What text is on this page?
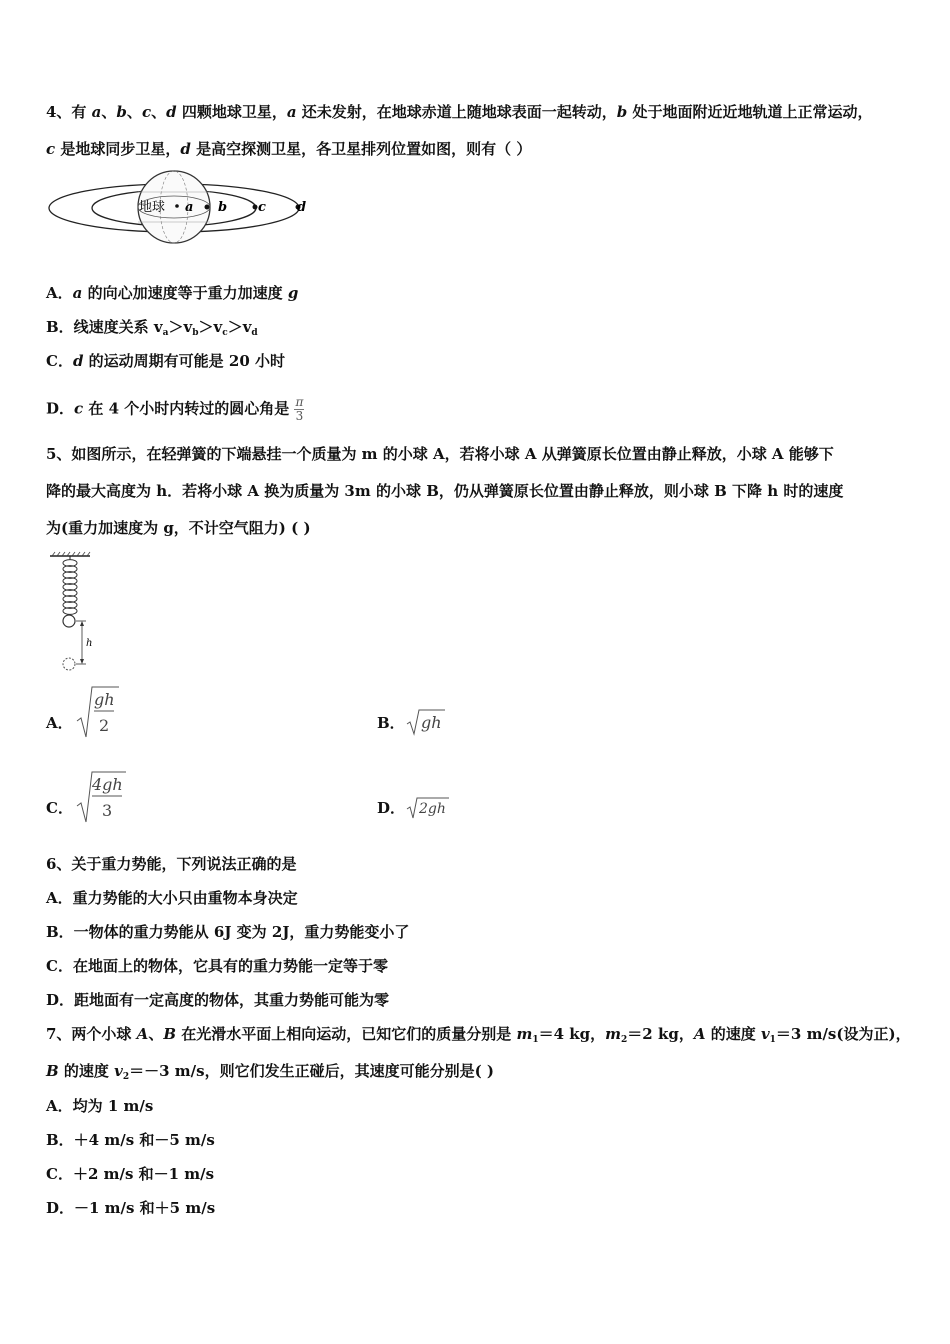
4、有 a、b、c、d 四颗地球卫星，a 还未发射，在地球赤道上随地球表面一起转动，b 处于地面附近近地轨道上正常运动，
c 是地球同步卫星，d 是高空探测卫星，各卫星排列位置如图，则有（ ）
地球 a b c d
A．a 的向心加速度等于重力加速度 g
B．线速度关系 $v_a>v_b>v_c>v_d$
C．d 的运动周期有可能是 20 小时
D．c 在 4 个小时内转过的圆心角是 $\frac{\pi}{3}$
5、如图所示，在轻弹簧的下端悬挂一个质量为 m 的小球 A，若将小球 A 从弹簧原长位置由静止释放，小球 A 能够下
降的最大高度为 h．若将小球 A 换为质量为 3m 的小球 B，仍从弹簧原长位置由静止释放，则小球 B 下降 h 时的速度
为(重力加速度为 g，不计空气阻力) ( )
h
A．
gh
2	B． gh
C．
4gh
3	D． 2gh
6、关于重力势能，下列说法正确的是
A．重力势能的大小只由重物本身决定
B．一物体的重力势能从 6J 变为 2J，重力势能变小了
C．在地面上的物体，它具有的重力势能一定等于零
D．距地面有一定高度的物体，其重力势能可能为零
7、两个小球 A、B 在光滑水平面上相向运动，已知它们的质量分别是 $m_1=4$ kg，$m_2=2$ kg，A 的速度 $v_1=3$ m/s(设为正)，
B 的速度 $v_2=-3$ m/s，则它们发生正碰后，其速度可能分别是( )
A．均为 1 m/s
B．＋4 m/s 和－5 m/s
C．＋2 m/s 和－1 m/s
D．－1 m/s 和＋5 m/s
